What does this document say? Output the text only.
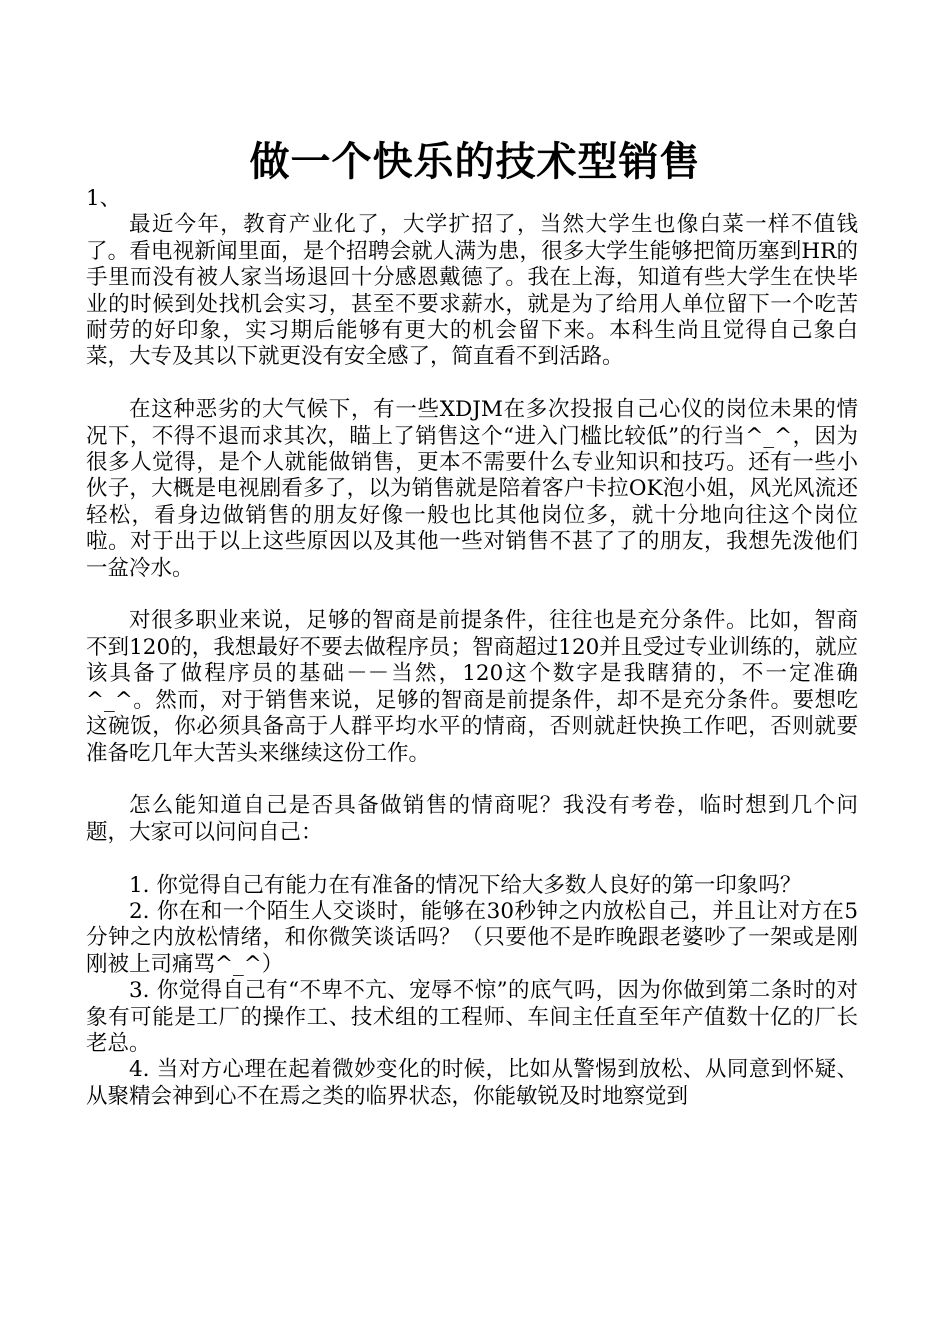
做一个快乐的技术型销售

1、

最近今年，教育产业化了，大学扩招了，当然大学生也像白菜一样不值钱了。看电视新闻里面，是个招聘会就人满为患，很多大学生能够把简历塞到HR的手里而没有被人家当场退回十分感恩戴德了。我在上海，知道有些大学生在快毕业的时候到处找机会实习，甚至不要求薪水，就是为了给用人单位留下一个吃苦耐劳的好印象，实习期后能够有更大的机会留下来。本科生尚且觉得自己象白菜，大专及其以下就更没有安全感了，简直看不到活路。

在这种恶劣的大气候下，有一些XDJM在多次投报自己心仪的岗位未果的情况下，不得不退而求其次，瞄上了销售这个“进入门槛比较低”的行当^_^，因为很多人觉得，是个人就能做销售，更本不需要什么专业知识和技巧。还有一些小伙子，大概是电视剧看多了，以为销售就是陪着客户卡拉OK泡小姐，风光风流还轻松，看身边做销售的朋友好像一般也比其他岗位多，就十分地向往这个岗位啦。对于出于以上这些原因以及其他一些对销售不甚了了的朋友，我想先泼他们一盆冷水。

对很多职业来说，足够的智商是前提条件，往往也是充分条件。比如，智商不到120的，我想最好不要去做程序员；智商超过120并且受过专业训练的，就应该具备了做程序员的基础－－当然，120这个数字是我瞎猜的，不一定准确^_^。然而，对于销售来说，足够的智商是前提条件，却不是充分条件。要想吃这碗饭，你必须具备高于人群平均水平的情商，否则就赶快换工作吧，否则就要准备吃几年大苦头来继续这份工作。

怎么能知道自己是否具备做销售的情商呢？我没有考卷，临时想到几个问题，大家可以问问自己：

1. 你觉得自己有能力在有准备的情况下给大多数人良好的第一印象吗？

2. 你在和一个陌生人交谈时，能够在30秒钟之内放松自己，并且让对方在5分钟之内放松情绪，和你微笑谈话吗？（只要他不是昨晚跟老婆吵了一架或是刚刚被上司痛骂^_^）

3. 你觉得自己有“不卑不亢、宠辱不惊”的底气吗，因为你做到第二条时的对象有可能是工厂的操作工、技术组的工程师、车间主任直至年产值数十亿的厂长老总。

4. 当对方心理在起着微妙变化的时候，比如从警惕到放松、从同意到怀疑、从聚精会神到心不在焉之类的临界状态，你能敏锐及时地察觉到
